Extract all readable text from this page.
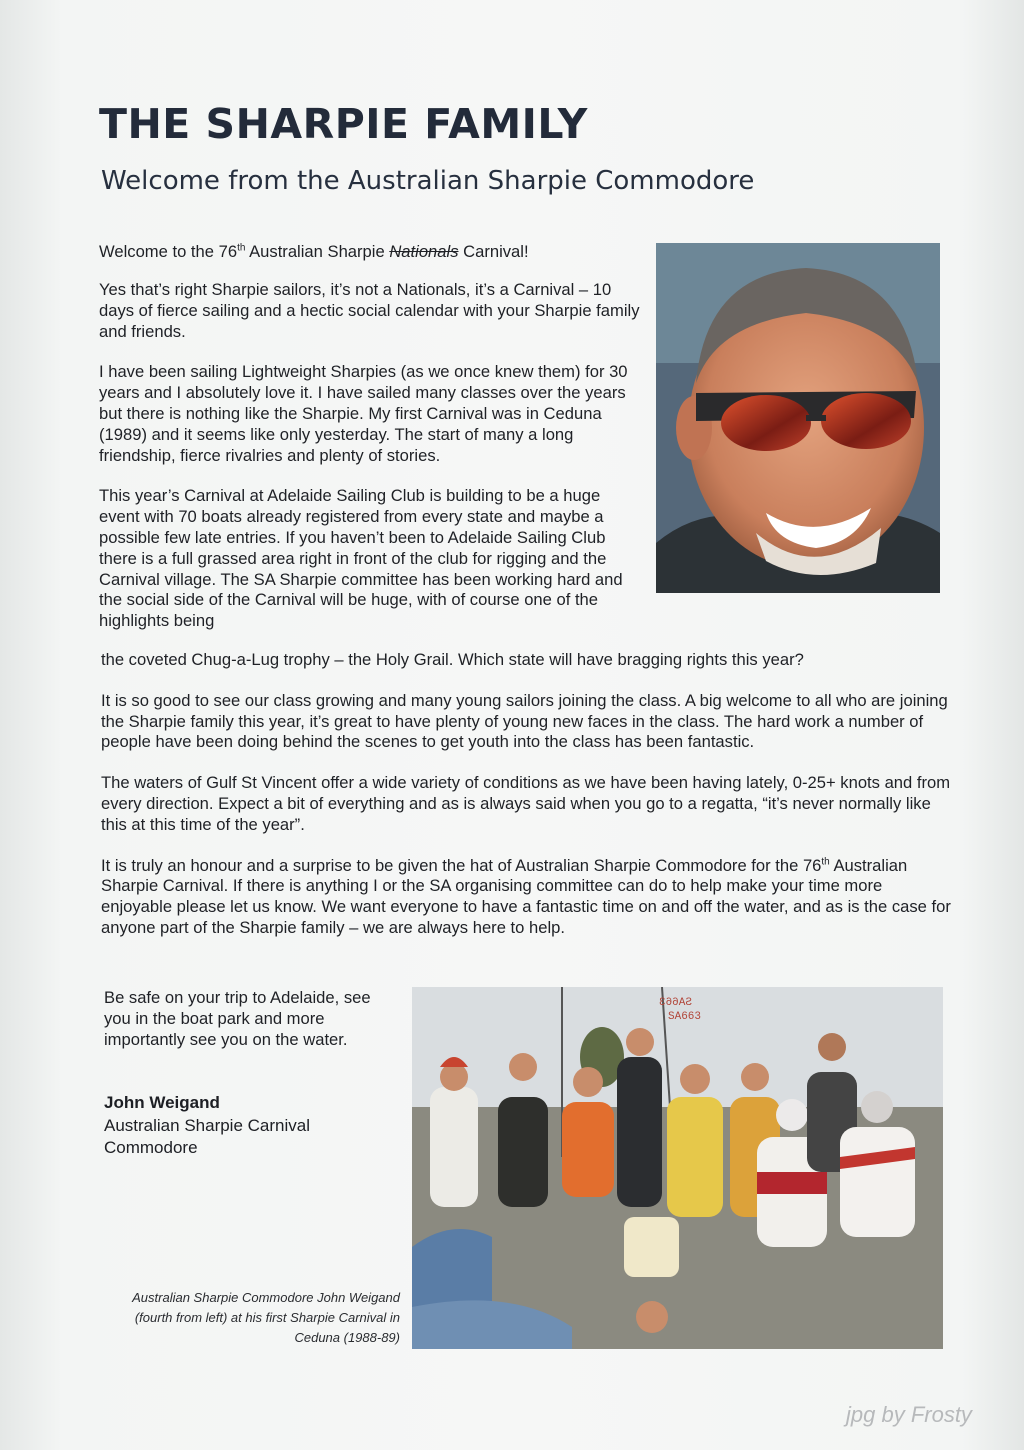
THE SHARPIE FAMILY
Welcome from the Australian Sharpie Commodore

Welcome to the 76th Australian Sharpie Nationals Carnival!

Yes that’s right Sharpie sailors, it’s not a Nationals, it’s a Carnival – 10 days of fierce sailing and a hectic social calendar with your Sharpie family and friends.

I have been sailing Lightweight Sharpies (as we once knew them) for 30 years and I absolutely love it. I have sailed many classes over the years but there is nothing like the Sharpie. My first Carnival was in Ceduna (1989) and it seems like only yesterday. The start of many a long friendship, fierce rivalries and plenty of stories.

This year’s Carnival at Adelaide Sailing Club is building to be a huge event with 70 boats already registered from every state and maybe a possible few late entries. If you haven’t been to Adelaide Sailing Club there is a full grassed area right in front of the club for rigging and the Carnival village. The SA Sharpie committee has been working hard and the social side of the Carnival will be huge, with of course one of the highlights being

the coveted Chug-a-Lug trophy – the Holy Grail. Which state will have bragging rights this year?

It is so good to see our class growing and many young sailors joining the class. A big welcome to all who are joining the Sharpie family this year, it’s great to have plenty of young new faces in the class. The hard work a number of people have been doing behind the scenes to get youth into the class has been fantastic.

The waters of Gulf St Vincent offer a wide variety of conditions as we have been having lately, 0-25+ knots and from every direction. Expect a bit of everything and as is always said when you go to a regatta, “it’s never normally like this at this time of the year”.

It is truly an honour and a surprise to be given the hat of Australian Sharpie Commodore for the 76th Australian Sharpie Carnival. If there is anything I or the SA organising committee can do to help make your time more enjoyable please let us know. We want everyone to have a fantastic time on and off the water, and as is the case for anyone part of the Sharpie family – we are always here to help.

Be safe on your trip to Adelaide, see you in the boat park and more importantly see you on the water.

John Weigand
Australian Sharpie Carnival Commodore
SA663
SA663
Australian Sharpie Commodore John Weigand (fourth from left) at his first Sharpie Carnival in Ceduna (1988-89)
jpg by Frosty
